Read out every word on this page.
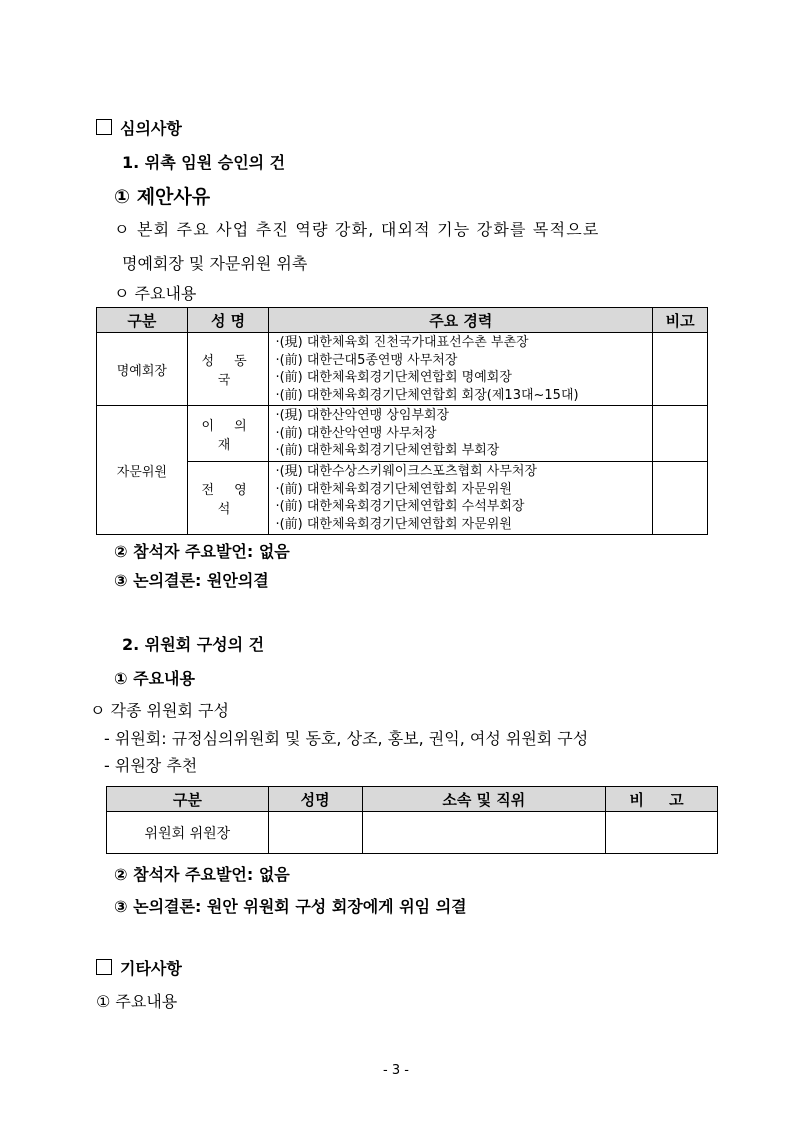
심의사항
1. 위촉 임원 승인의 건
① 제안사유
ㅇ 본회 주요 사업 추진 역량 강화, 대외적 기능 강화를 목적으로
명예회장 및 자문위원 위촉
ㅇ 주요내용
구분	성 명	주요 경력	비고
명예회장	성 동 국	·(現) 대한체육회 진천국가대표선수촌 부촌장
·(前) 대한근대5종연맹 사무처장
·(前) 대한체육회경기단체연합회 명예회장
·(前) 대한체육회경기단체연합회 회장(제13대~15대)	

자문위원	이 의 재	·(現) 대한산악연맹 상임부회장
·(前) 대한산악연맹 사무처장
·(前) 대한체육회경기단체연합회 부회장	

	전 영 석	·(現) 대한수상스키웨이크스포츠협회 사무처장
·(前) 대한체육회경기단체연합회 자문위원
·(前) 대한체육회경기단체연합회 수석부회장
·(前) 대한체육회경기단체연합회 자문위원	

② 참석자 주요발언: 없음
③ 논의결론: 원안의결
2. 위원회 구성의 건
① 주요내용
ㅇ 각종 위원회 구성
- 위원회: 규정심의위원회 및 동호, 상조, 홍보, 권익, 여성 위원회 구성
- 위원장 추천
구분	성명	소속 및 직위	비 고
위원회 위원장			
② 참석자 주요발언: 없음
③ 논의결론: 원안 위원회 구성 회장에게 위임 의결
기타사항
① 주요내용
- 3 -
